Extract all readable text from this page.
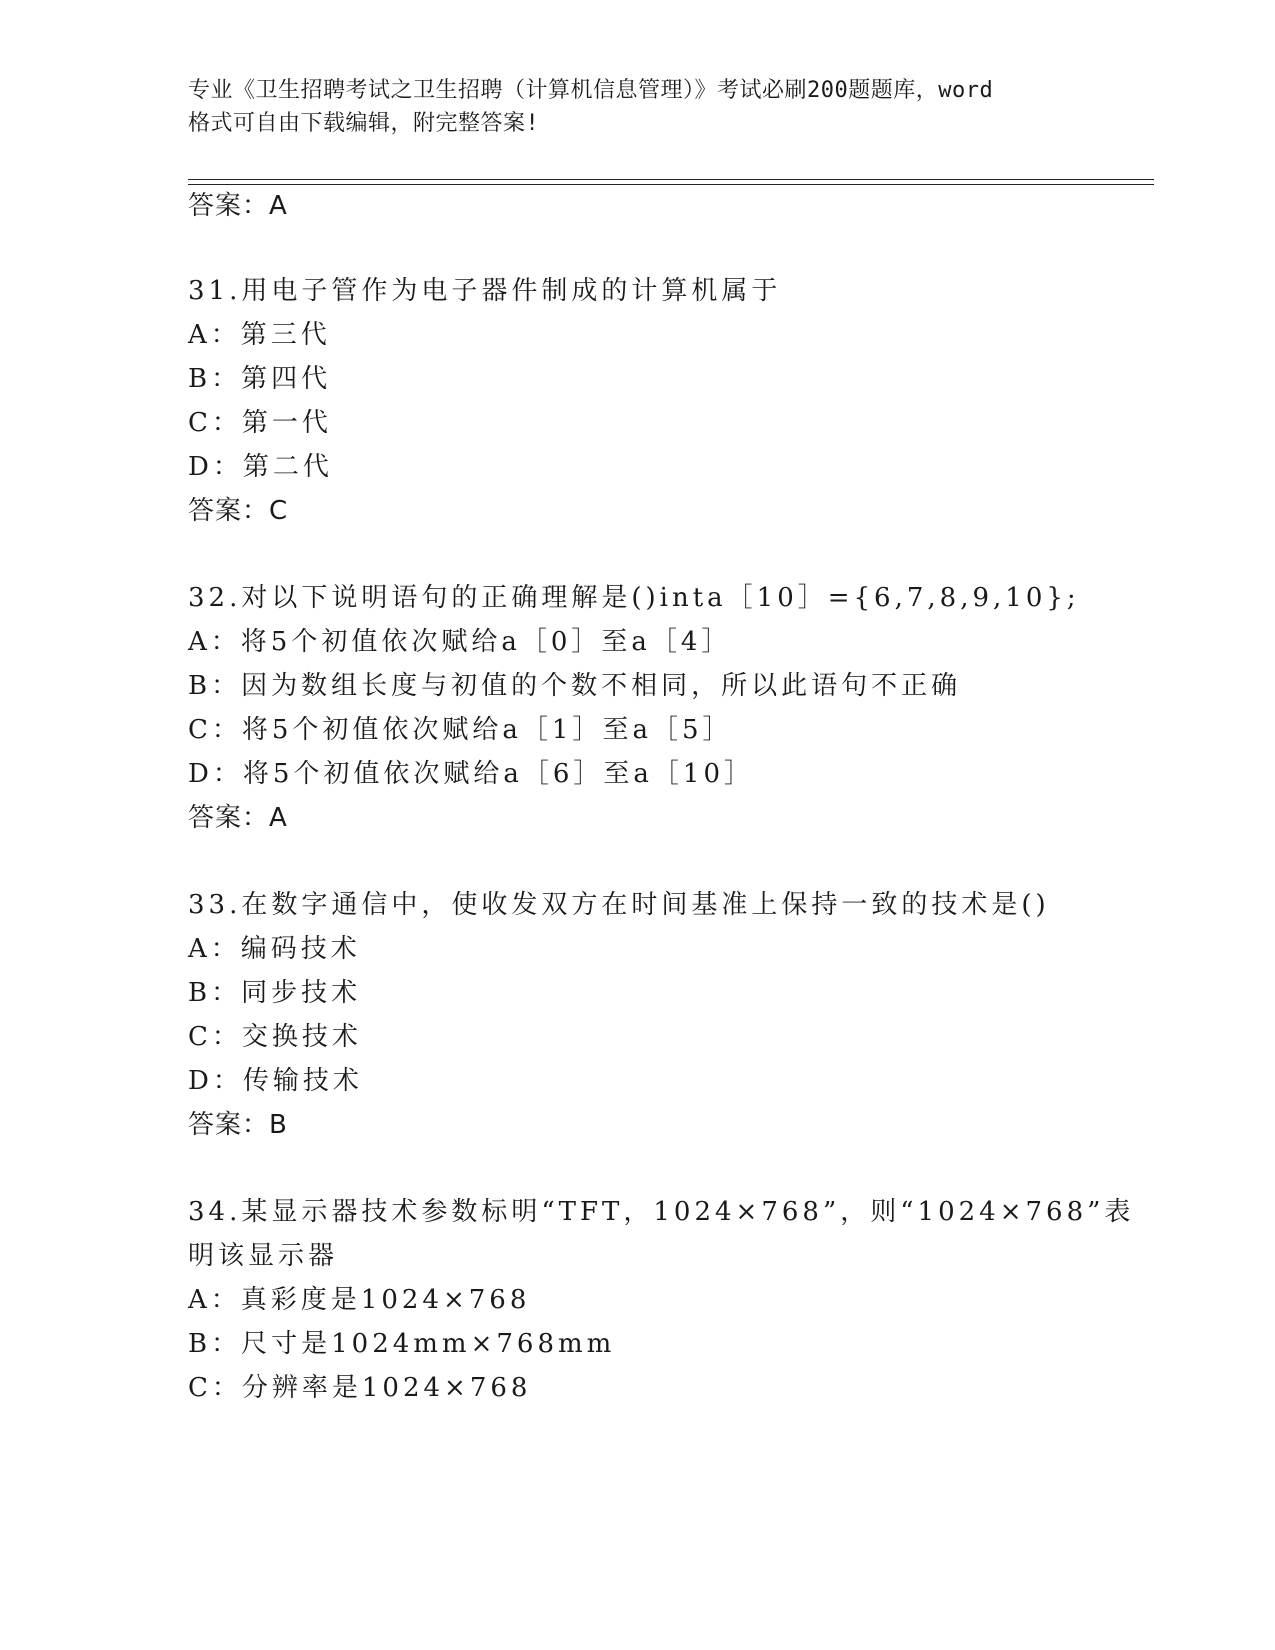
专业《卫生招聘考试之卫生招聘（计算机信息管理）》考试必刷200题题库，word
格式可自由下载编辑，附完整答案!
答案：A
31.用电子管作为电子器件制成的计算机属于
A：第三代
B：第四代
C：第一代
D：第二代
答案：C
32.对以下说明语句的正确理解是()inta［10］={6,7,8,9,10};
A：将5个初值依次赋给a［0］至a［4］
B：因为数组长度与初值的个数不相同，所以此语句不正确
C：将5个初值依次赋给a［1］至a［5］
D：将5个初值依次赋给a［6］至a［10］
答案：A
33.在数字通信中，使收发双方在时间基准上保持一致的技术是()
A：编码技术
B：同步技术
C：交换技术
D：传输技术
答案：B
34.某显示器技术参数标明“TFT，1024×768”，则“1024×768”表
明该显示器
A：真彩度是1024×768
B：尺寸是1024mm×768mm
C：分辨率是1024×768
